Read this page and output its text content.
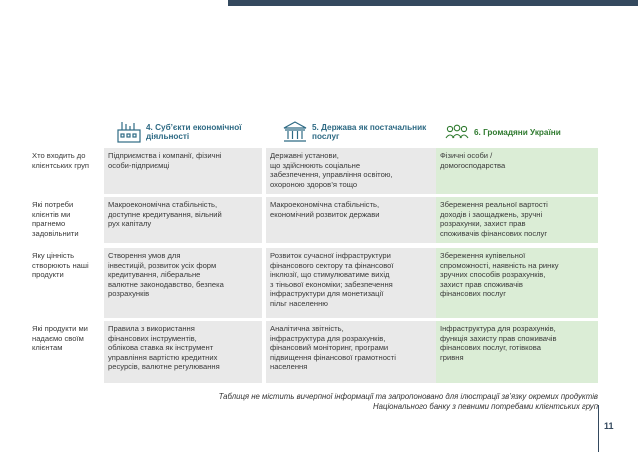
4. Суб’єкти економічної
діяльності
5. Держава як постачальник
послуг	6. Громадяни України
Хто входить до
клієнтських груп
Підприємства і компанії, фізичні
особи-підприємці
Державні установи,
що здійснюють соціальне
забезпечення, управління освітою,
охороною здоров’я тощо
Фізичні особи /
домогосподарства
Які потреби
клієнтів ми
прагнемо
задовільнити
Макроекономічна стабільність,
доступне кредитування, вільний
рух капіталу
Макроекономічна стабільність,
економічний розвиток держави
Збереження реальної вартості
доходів і заощаджень, зручні
розрахунки, захист прав
споживачів фінансових послуг
Яку цінність
створюють наші
продукти
Створення умов для
інвестицій, розвиток усіх форм
кредитування, ліберальне
валютне законодавство, безпека
розрахунків
Розвиток сучасної інфраструктури
фінансового сектору та фінансової
інклюзії, що стимулюватиме вихід
з тіньової економіки; забезпечення
інфраструктури для монетизації
пільг населенню
Збереження купівельної
спроможності, наявність на ринку
зручних способів розрахунків,
захист прав споживачів
фінансових послуг
Які продукти ми
надаємо своїм
клієнтам
Правила з використання
фінансових інструментів,
облікова ставка як інструмент
управління вартістю кредитних
ресурсів, валютне регулювання
Аналітична звітність,
інфраструктура для розрахунків,
фінансовий моніторинг, програми
підвищення фінансової грамотності
населення
Інфраструктура для розрахунків,
функція захисту прав споживачів
фінансових послуг, готівкова
гривня
Таблиця не містить вичерпної інформації та запропоновано для ілюстрації зв’язку окремих продуктів
Національного банку з певними потребами клієнтських груп
11
